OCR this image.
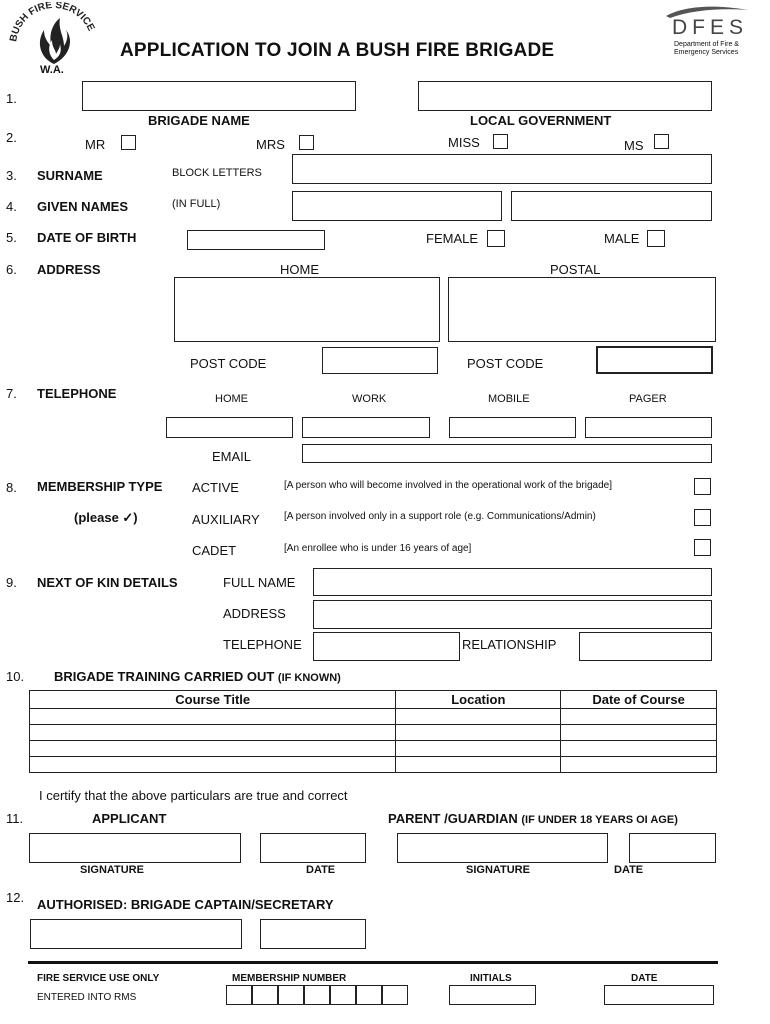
BUSH FIRE SERVICE
W.A.
APPLICATION TO JOIN A BUSH FIRE BRIGADE
DFES
Department of Fire &
Emergency Services
1.
BRIGADE NAME	LOCAL GOVERNMENT
2.	MR	MRS	MISS	MS
3. SURNAME	BLOCK LETTERS
4. GIVEN NAMES	(IN FULL)
5. DATE OF BIRTH	FEMALE	MALE
6. ADDRESS	HOME	POSTAL
POST CODE	POST CODE
7. TELEPHONE	HOME	WORK	MOBILE	PAGER
EMAIL
8. MEMBERSHIP TYPE
(please ✓)
ACTIVE	[A person who will become involved in the operational work of the brigade]
AUXILIARY [A person involved only in a support role (e.g. Communications/Admin)
CADET	[An enrollee who is under 16 years of age]
9. NEXT OF KIN DETAILS	FULL NAME
ADDRESS
TELEPHONE	RELATIONSHIP
10. BRIGADE TRAINING CARRIED OUT (IF KNOWN)
Course Title	Location	Date of Course

I certify that the above particulars are true and correct
11.	APPLICANT	PARENT /GUARDIAN (IF UNDER 18 YEARS OI AGE)
SIGNATURE	DATE	SIGNATURE	DATE
12. AUTHORISED: BRIGADE CAPTAIN/SECRETARY
FIRE SERVICE USE ONLY
ENTERED INTO RMS
MEMBERSHIP NUMBER	INITIALS	DATE
